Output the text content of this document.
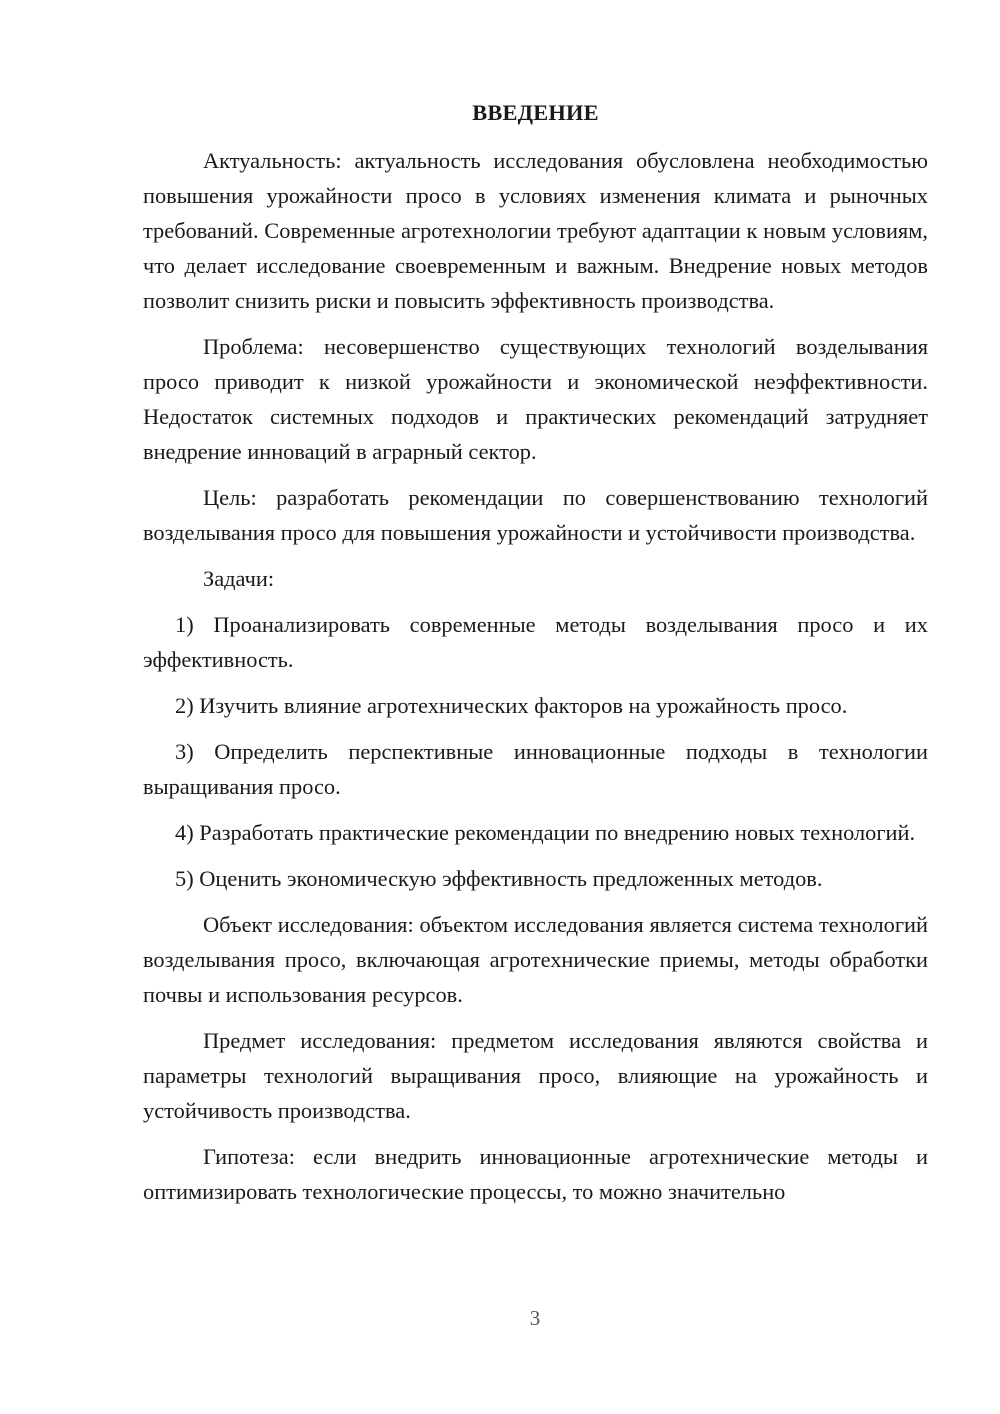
ВВЕДЕНИЕ

Актуальность: актуальность исследования обусловлена необходимостью повышения урожайности просо в условиях изменения климата и рыночных требований. Современные агротехнологии требуют адаптации к новым условиям, что делает исследование своевременным и важным. Внедрение новых методов позволит снизить риски и повысить эффективность производства.

Проблема: несовершенство существующих технологий возделывания просо приводит к низкой урожайности и экономической неэффективности. Недостаток системных подходов и практических рекомендаций затрудняет внедрение инноваций в аграрный сектор.

Цель: разработать рекомендации по совершенствованию технологий возделывания просо для повышения урожайности и устойчивости производства.

Задачи:

1) Проанализировать современные методы возделывания просо и их эффективность.

2) Изучить влияние агротехнических факторов на урожайность просо.

3) Определить перспективные инновационные подходы в технологии выращивания просо.

4) Разработать практические рекомендации по внедрению новых технологий.

5) Оценить экономическую эффективность предложенных методов.

Объект исследования: объектом исследования является система технологий возделывания просо, включающая агротехнические приемы, методы обработки почвы и использования ресурсов.

Предмет исследования: предметом исследования являются свойства и параметры технологий выращивания просо, влияющие на урожайность и устойчивость производства.

Гипотеза: если внедрить инновационные агротехнические методы и оптимизировать технологические процессы, то можно значительно

3
